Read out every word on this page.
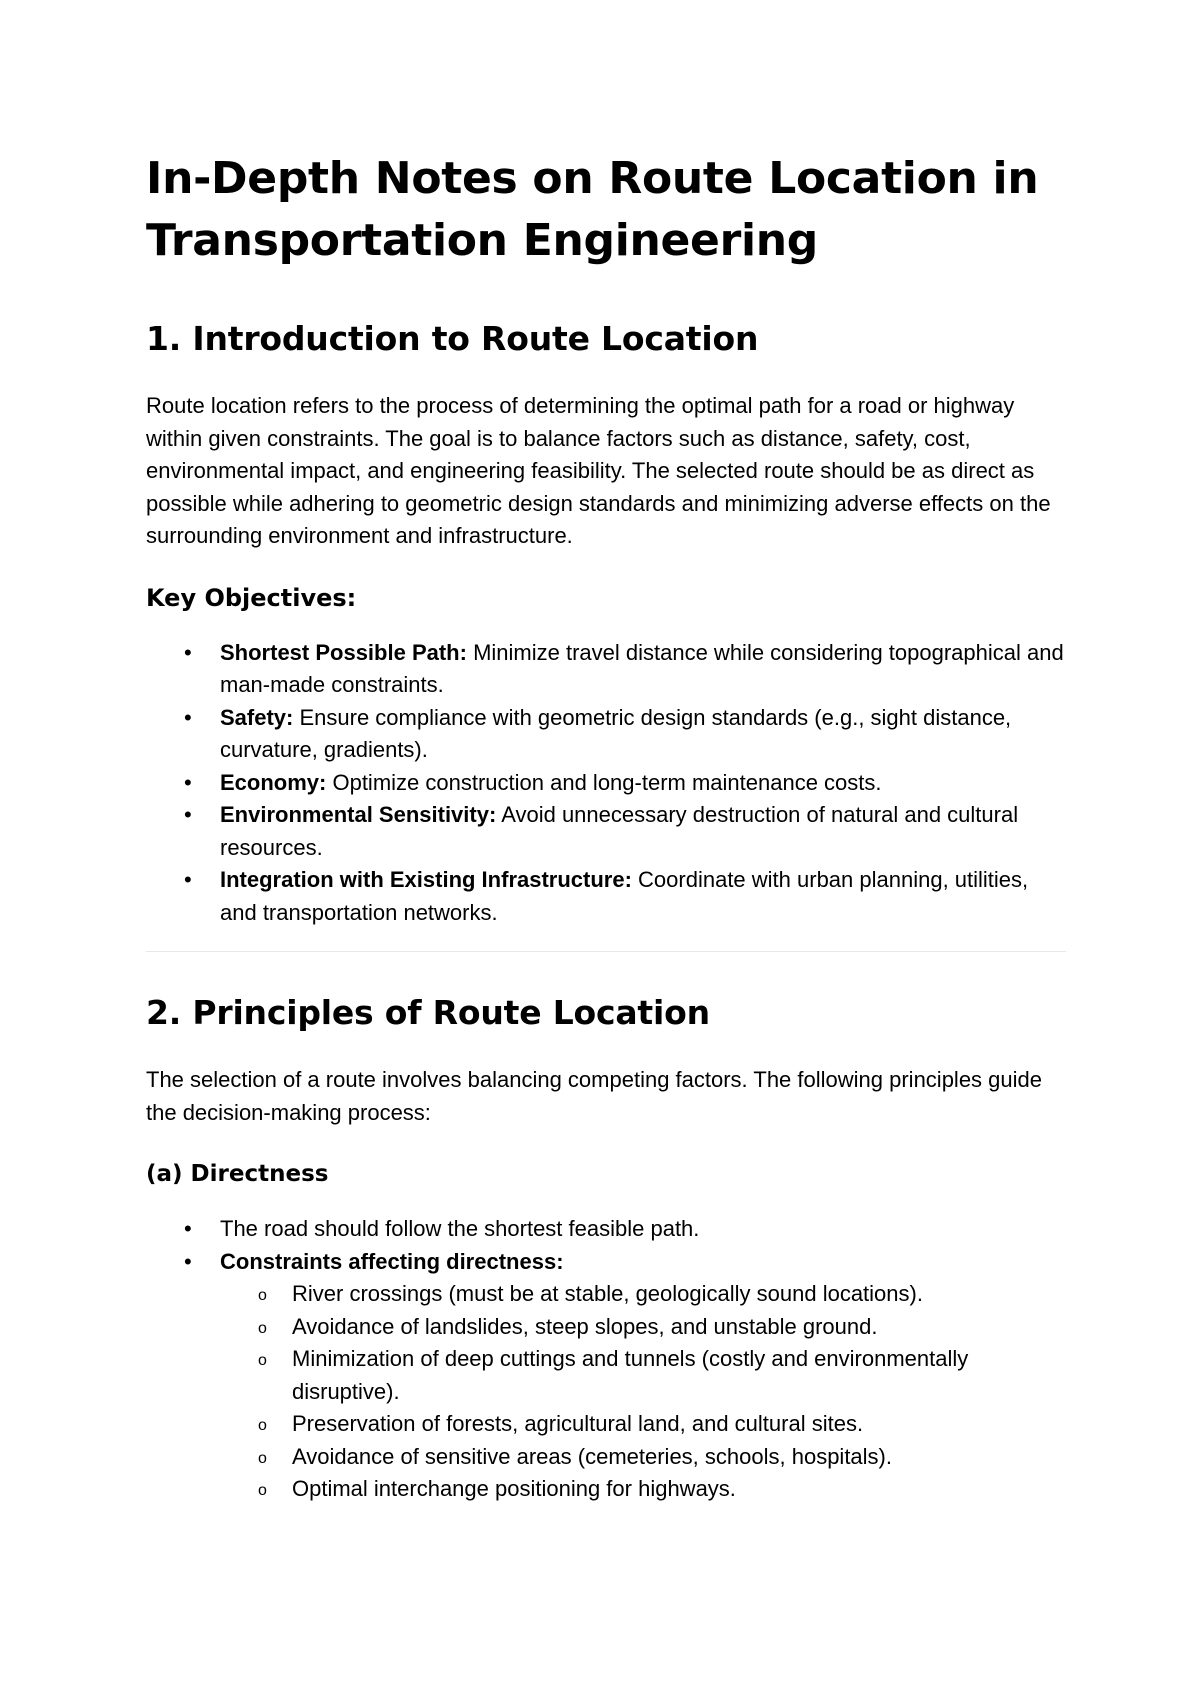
In-Depth Notes on Route Location in Transportation Engineering
1. Introduction to Route Location

Route location refers to the process of determining the optimal path for a road or highway within given constraints. The goal is to balance factors such as distance, safety, cost, environmental impact, and engineering feasibility. The selected route should be as direct as possible while adhering to geometric design standards and minimizing adverse effects on the surrounding environment and infrastructure.

Key Objectives:
• Shortest Possible Path: Minimize travel distance while considering topographical and man-made constraints.
• Safety: Ensure compliance with geometric design standards (e.g., sight distance, curvature, gradients).
• Economy: Optimize construction and long-term maintenance costs.
• Environmental Sensitivity: Avoid unnecessary destruction of natural and cultural resources.
• Integration with Existing Infrastructure: Coordinate with urban planning, utilities, and transportation networks.
2. Principles of Route Location

The selection of a route involves balancing competing factors. The following principles guide the decision-making process:

(a) Directness
• The road should follow the shortest feasible path.
• Constraints affecting directness:
o River crossings (must be at stable, geologically sound locations).
o Avoidance of landslides, steep slopes, and unstable ground.
o Minimization of deep cuttings and tunnels (costly and environmentally disruptive).
o Preservation of forests, agricultural land, and cultural sites.
o Avoidance of sensitive areas (cemeteries, schools, hospitals).
o Optimal interchange positioning for highways.
